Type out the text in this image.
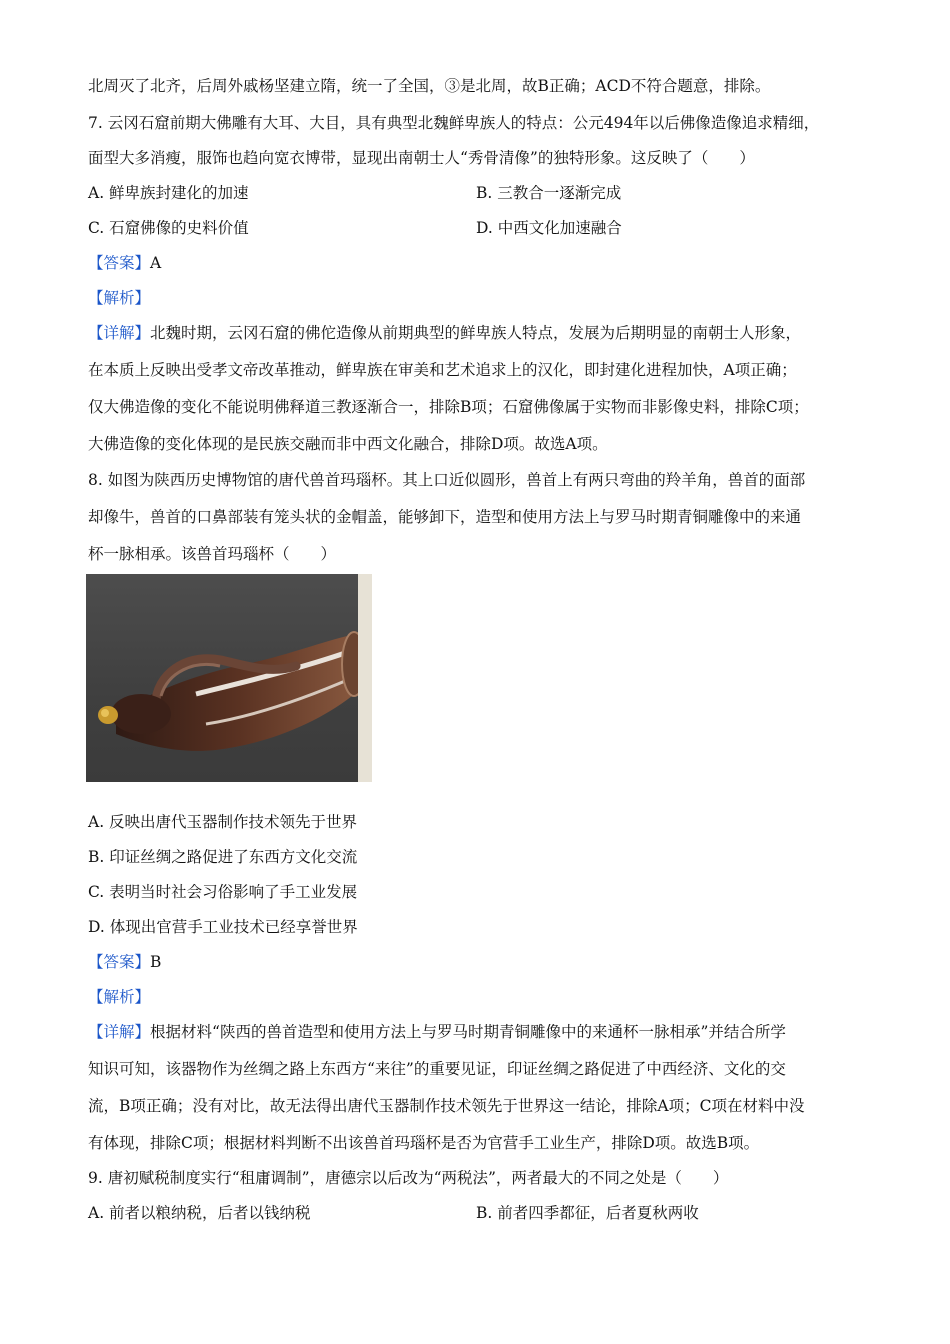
北周灭了北齐，后周外戚杨坚建立隋，统一了全国，③是北周，故B正确；ACD不符合题意，排除。
7. 云冈石窟前期大佛雕有大耳、大目，具有典型北魏鲜卑族人的特点：公元494年以后佛像造像追求精细，
面型大多消瘦，服饰也趋向宽衣博带，显现出南朝士人“秀骨清像”的独特形象。这反映了（　　）
A. 鲜卑族封建化的加速	B. 三教合一逐渐完成
C. 石窟佛像的史料价值	D. 中西文化加速融合
【答案】A
【解析】
【详解】北魏时期，云冈石窟的佛佗造像从前期典型的鲜卑族人特点，发展为后期明显的南朝士人形象，
在本质上反映出受孝文帝改革推动，鲜卑族在审美和艺术追求上的汉化，即封建化进程加快，A项正确；
仅大佛造像的变化不能说明佛释道三教逐渐合一，排除B项；石窟佛像属于实物而非影像史料，排除C项；
大佛造像的变化体现的是民族交融而非中西文化融合，排除D项。故选A项。
8. 如图为陕西历史博物馆的唐代兽首玛瑙杯。其上口近似圆形，兽首上有两只弯曲的羚羊角，兽首的面部
却像牛，兽首的口鼻部装有笼头状的金帽盖，能够卸下，造型和使用方法上与罗马时期青铜雕像中的来通
杯一脉相承。该兽首玛瑙杯（　　）
A. 反映出唐代玉器制作技术领先于世界
B. 印证丝绸之路促进了东西方文化交流
C. 表明当时社会习俗影响了手工业发展
D. 体现出官营手工业技术已经享誉世界
【答案】B
【解析】
【详解】根据材料“陕西的兽首造型和使用方法上与罗马时期青铜雕像中的来通杯一脉相承”并结合所学
知识可知，该器物作为丝绸之路上东西方“来往”的重要见证，印证丝绸之路促进了中西经济、文化的交
流，B项正确；没有对比，故无法得出唐代玉器制作技术领先于世界这一结论，排除A项；C项在材料中没
有体现，排除C项；根据材料判断不出该兽首玛瑙杯是否为官营手工业生产，排除D项。故选B项。
9. 唐初赋税制度实行“租庸调制”，唐德宗以后改为“两税法”，两者最大的不同之处是（　　）
A. 前者以粮纳税，后者以钱纳税	B. 前者四季都征，后者夏秋两收
